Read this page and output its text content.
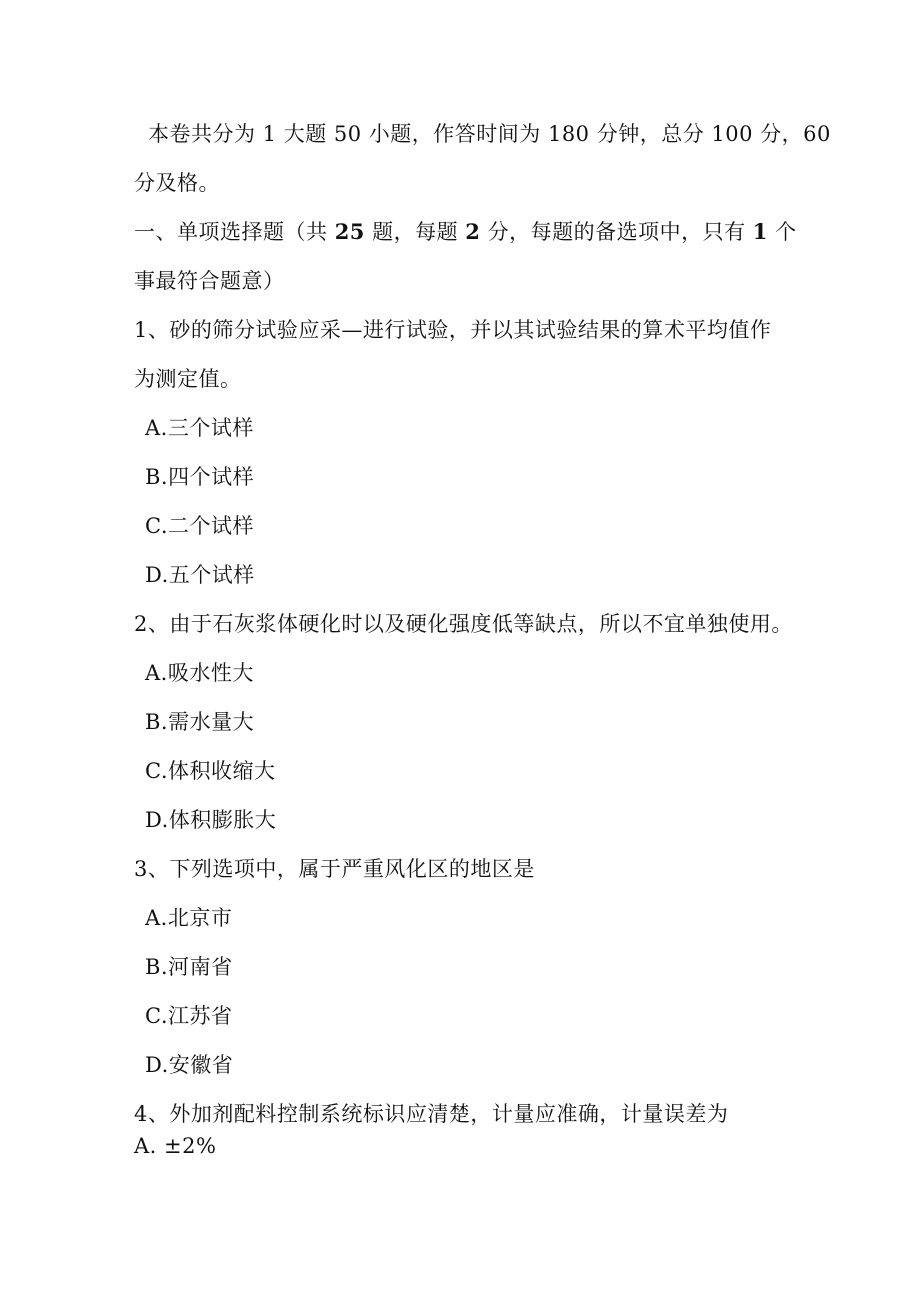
本卷共分为 1 大题 50 小题，作答时间为 180 分钟，总分 100 分，60
分及格。
一、单项选择题（共 25 题，每题 2 分，每题的备选项中，只有 1 个
事最符合题意）
1、砂的筛分试验应采—进行试验，并以其试验结果的算术平均值作
为测定值。
A.三个试样
B.四个试样
C.二个试样
D.五个试样
2、由于石灰浆体硬化时以及硬化强度低等缺点，所以不宜单独使用。
A.吸水性大
B.需水量大
C.体积收缩大
D.体积膨胀大
3、下列选项中，属于严重风化区的地区是
A.北京市
B.河南省
C.江苏省
D.安徽省
4、外加剂配料控制系统标识应清楚，计量应准确，计量误差为
A. ±2%
